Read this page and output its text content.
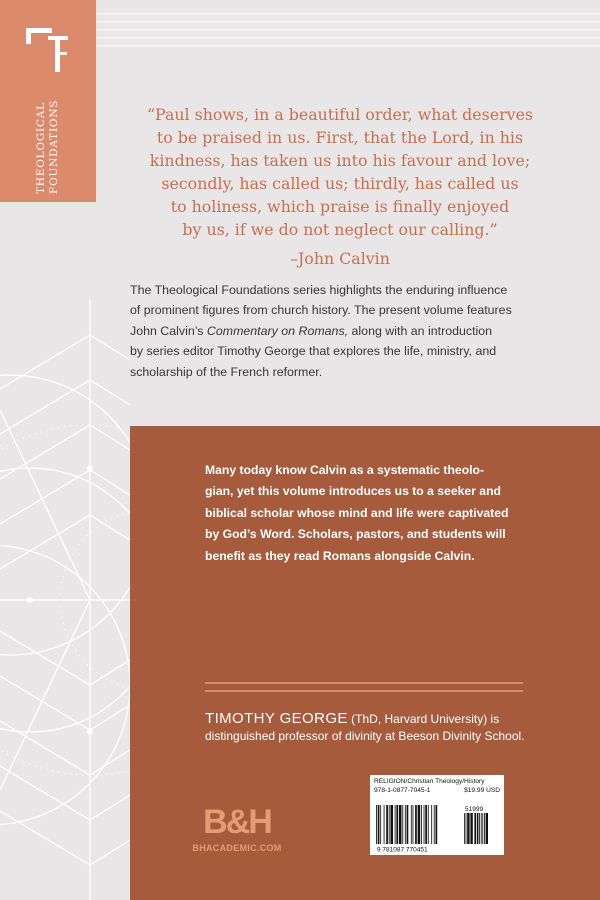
F
THEOLOGICAL FOUNDATIONS	“Paul shows, in a beautiful order, what deserves
to be praised in us. First, that the Lord, in his
kindness, has taken us into his favour and love;
secondly, has called us; thirdly, has called us
to holiness, which praise is finally enjoyed
by us, if we do not neglect our calling.”
–John Calvin
The Theological Foundations series highlights the enduring influence
of prominent figures from church history. The present volume features
John Calvin’s Commentary on Romans, along with an introduction
by series editor Timothy George that explores the life, ministry, and
scholarship of the French reformer.
Many today know Calvin as a systematic theolo-
gian, yet this volume introduces us to a seeker and
biblical scholar whose mind and life were captivated
by God’s Word. Scholars, pastors, and students will
benefit as they read Romans alongside Calvin.
TIMOTHY GEORGE (ThD, Harvard University) is
distinguished professor of divinity at Beeson Divinity School.
B&H
BHACADEMIC.COM
RELIGION/Christian Theology/History
978-1-0877-7045-1	$19.99 USD
51999
9 781087 770451
